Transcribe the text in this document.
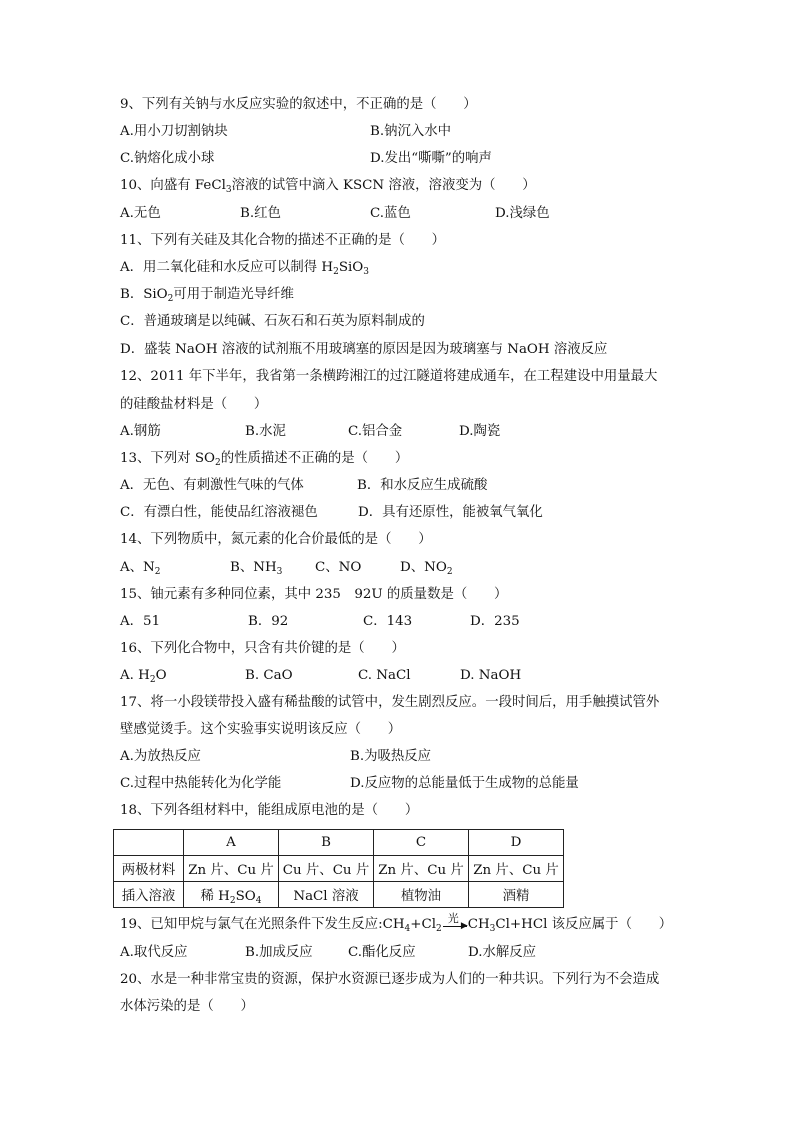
9、下列有关钠与水反应实验的叙述中，不正确的是（　　）
A.用小刀切割钠块	B.钠沉入水中
C.钠熔化成小球	D.发出“嘶嘶”的响声
10、向盛有 FeCl$_3$溶液的试管中滴入 KSCN 溶液，溶液变为（　　）
A.无色	B.红色	C.蓝色	D.浅绿色
11、下列有关硅及其化合物的描述不正确的是（　　）
A．用二氧化硅和水反应可以制得 $H_2SiO_3$
B．SiO$_2$可用于制造光导纤维
C．普通玻璃是以纯碱、石灰石和石英为原料制成的
D．盛装 NaOH 溶液的试剂瓶不用玻璃塞的原因是因为玻璃塞与 NaOH 溶液反应
12、2011 年下半年，我省第一条横跨湘江的过江隧道将建成通车，在工程建设中用量最大
的硅酸盐材料是（　　）
A.钢筋	B.水泥	C.铝合金	D.陶瓷
13、下列对 $SO_2$的性质描述不正确的是（　　）
A．无色、有刺激性气味的气体	B．和水反应生成硫酸
C．有漂白性，能使品红溶液褪色	D．具有还原性，能被氧气氧化
14、下列物质中，氮元素的化合价最低的是（　　）
A、$N_2$	B、$NH_3$ C、NO	D、$NO_2$
15、铀元素有多种同位素，其中 235　92U 的质量数是（　　）
A．51	B．92	C．143	D．235
16、下列化合物中，只含有共价键的是（　　）
A. $H_2O$	B. CaO	C. NaCl	D. NaOH
17、将一小段镁带投入盛有稀盐酸的试管中，发生剧烈反应。一段时间后，用手触摸试管外
壁感觉烫手。这个实验事实说明该反应（　　）
A.为放热反应	B.为吸热反应
C.过程中热能转化为化学能	D.反应物的总能量低于生成物的总能量
18、下列各组材料中，能组成原电池的是（　　）
	A	B	C	D
两极材料	Zn 片、Cu 片	Cu 片、Cu 片	Zn 片、Cu 片	Zn 片、Cu 片
插入溶液	稀 $H_2SO_4$	NaCl 溶液	植物油	酒精
19、已知甲烷与氯气在光照条件下发生反应$:CH_4+Cl_2$
光
▶ $CH_3Cl+HCl$ 该反应属于（　　）
A.取代反应	B.加成反应	C.酯化反应	D.水解反应
20、水是一种非常宝贵的资源，保护水资源已逐步成为人们的一种共识。下列行为不会造成
水体污染的是（　　）
